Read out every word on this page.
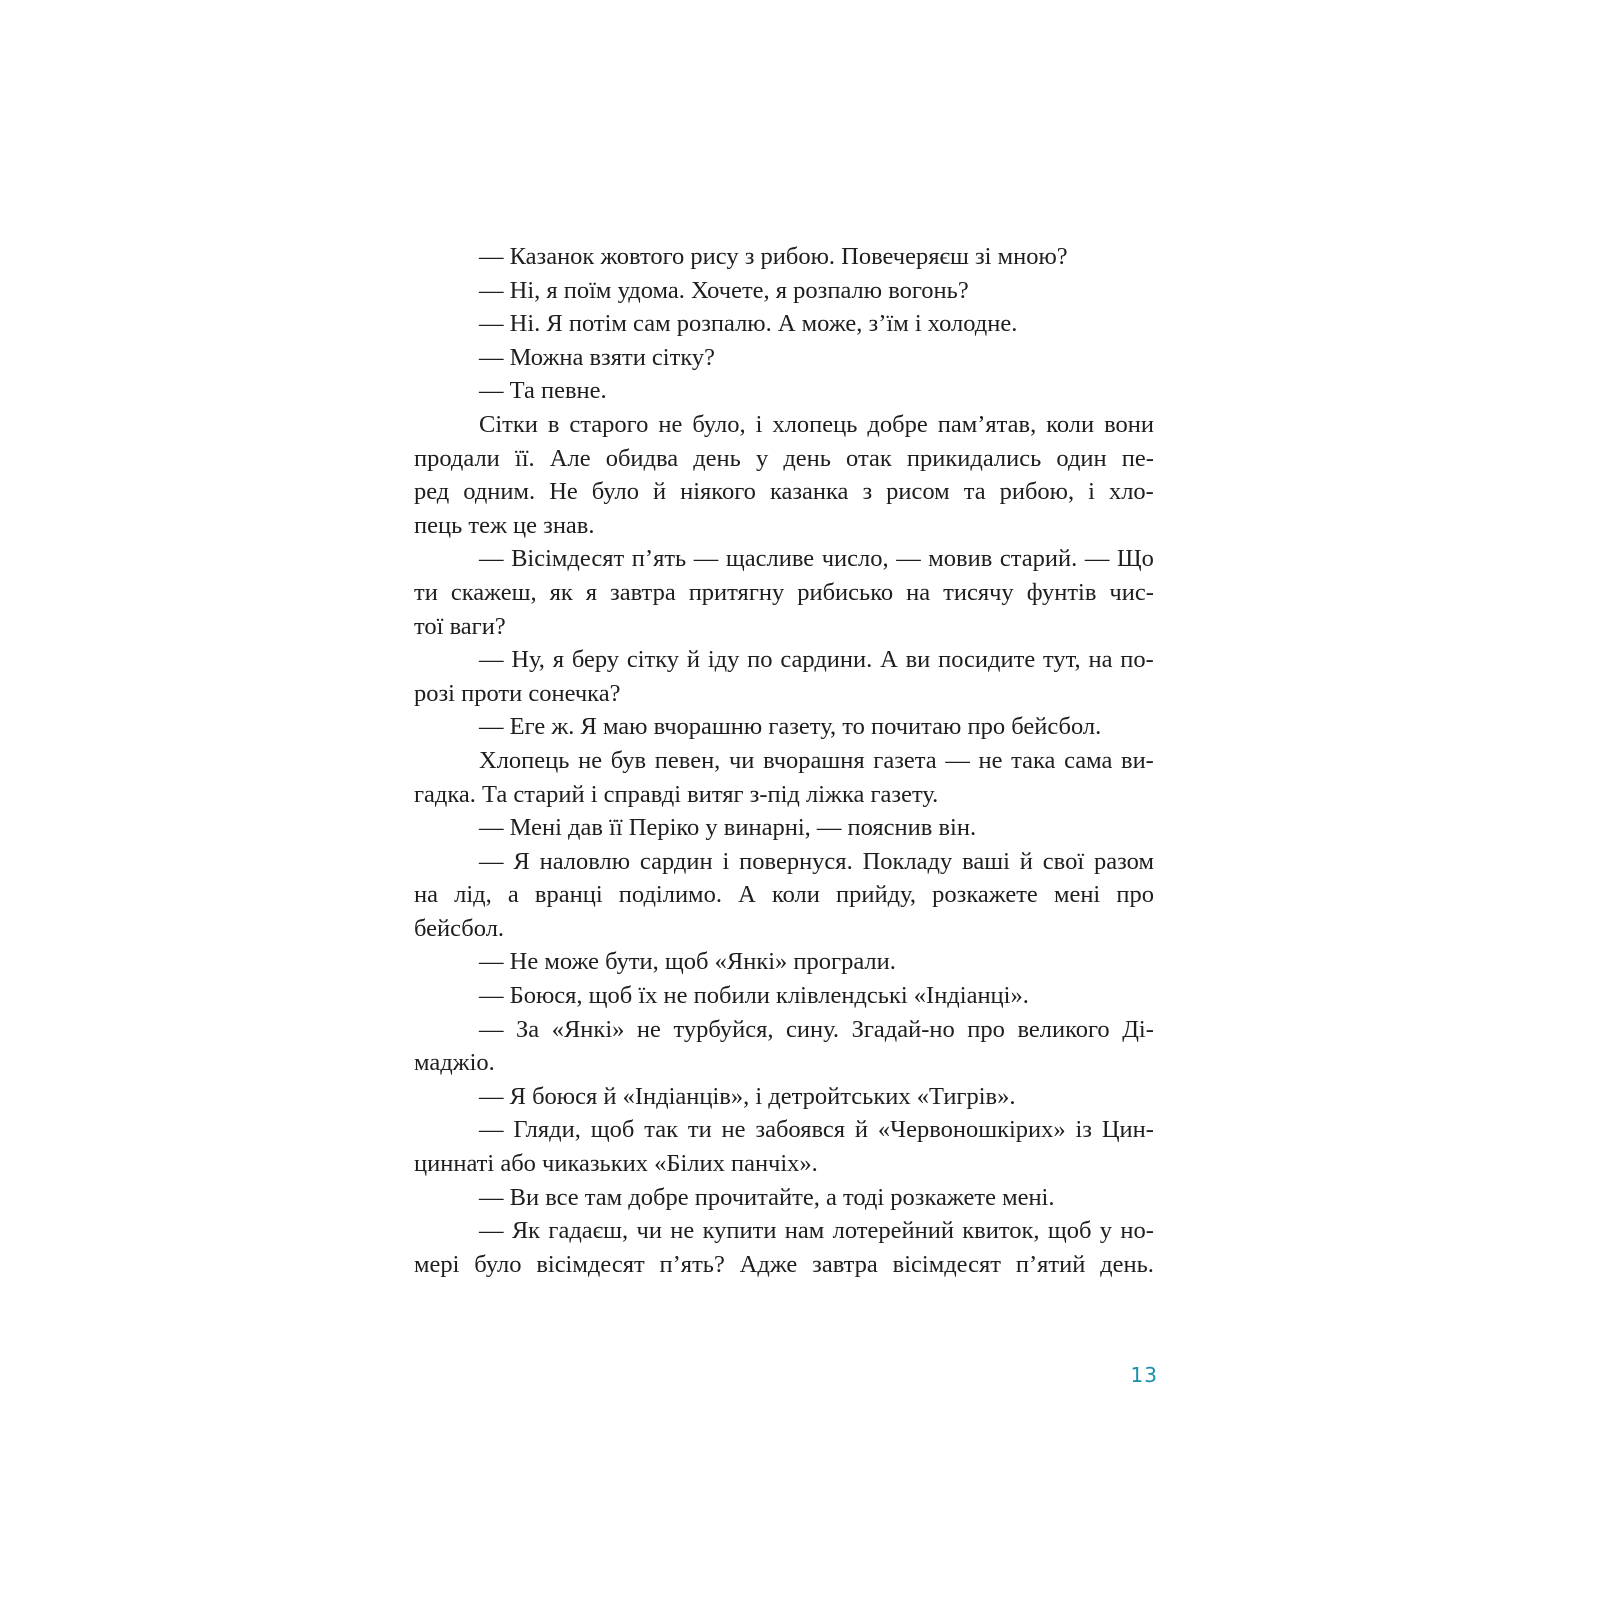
— Казанок жовтого рису з рибою. Повечеряєш зі мною?
— Ні, я поїм удома. Хочете, я розпалю вогонь?
— Ні. Я потім сам розпалю. А може, з’їм і холодне.
— Можна взяти сітку?
— Та певне.
Сітки в старого не було, і хлопець добре пам’ятав, коли вони
продали її. Але обидва день у день отак прикидались один пе-
ред одним. Не було й ніякого казанка з рисом та рибою, і хло-
пець теж це знав.
— Вісімдесят п’ять — щасливе число, — мовив старий. — Що
ти скажеш, як я завтра притягну рибисько на тисячу фунтів чис-
тої ваги?
— Ну, я беру сітку й іду по сардини. А ви посидите тут, на по-
розі проти сонечка?
— Еге ж. Я маю вчорашню газету, то почитаю про бейсбол.
Хлопець не був певен, чи вчорашня газета — не така сама ви-
гадка. Та старий і справді витяг з-під ліжка газету.
— Мені дав її Періко у винарні, — пояснив він.
— Я наловлю сардин і повернуся. Покладу ваші й свої разом
на лід, а вранці поділимо. А коли прийду, розкажете мені про
бейсбол.
— Не може бути, щоб «Янкі» програли.
— Боюся, щоб їх не побили клівлендські «Індіанці».
— За «Янкі» не турбуйся, сину. Згадай-но про великого Ді-
маджіо.
— Я боюся й «Індіанців», і детройтських «Тигрів».
— Гляди, щоб так ти не забоявся й «Червоношкірих» із Цин-
циннаті або чиказьких «Білих панчіх».
— Ви все там добре прочитайте, а тоді розкажете мені.
— Як гадаєш, чи не купити нам лотерейний квиток, щоб у но-
мері було вісімдесят п’ять? Адже завтра вісімдесят п’ятий день.
13
